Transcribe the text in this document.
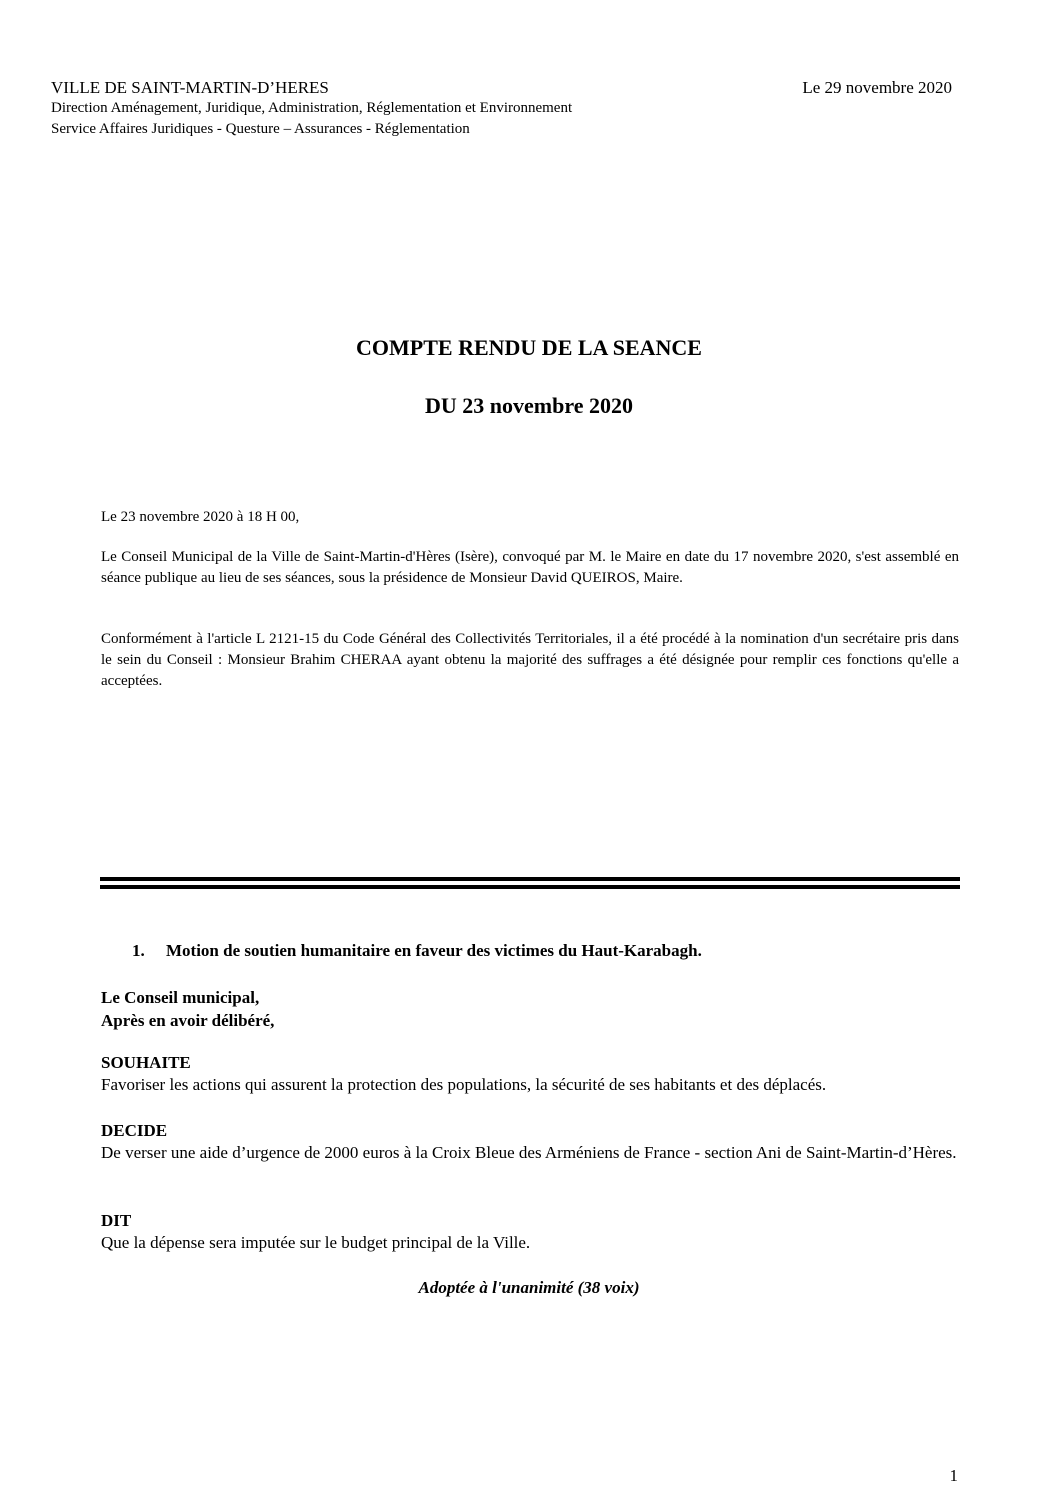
VILLE DE SAINT-MARTIN-D’HERES
Direction Aménagement, Juridique, Administration, Réglementation et Environnement
Service Affaires Juridiques - Questure – Assurances - Réglementation
Le 29 novembre 2020
COMPTE RENDU DE LA SEANCE
DU 23 novembre 2020
Le 23 novembre 2020 à 18 H 00,
Le Conseil Municipal de la Ville de Saint-Martin-d'Hères (Isère), convoqué par M. le Maire en date du 17 novembre 2020, s'est assemblé en séance publique au lieu de ses séances, sous la présidence de Monsieur David QUEIROS, Maire.
Conformément à l'article L 2121-15 du Code Général des Collectivités Territoriales, il a été procédé à la nomination d'un secrétaire pris dans le sein du Conseil : Monsieur Brahim CHERAA ayant obtenu la majorité des suffrages a été désignée pour remplir ces fonctions qu'elle a acceptées.
1. Motion de soutien humanitaire en faveur des victimes du Haut-Karabagh.
Le Conseil municipal,
Après en avoir délibéré,
SOUHAITE
Favoriser les actions qui assurent la protection des populations, la sécurité de ses habitants et des déplacés.
DECIDE
De verser une aide d’urgence de 2000 euros à la Croix Bleue des Arméniens de France - section Ani de Saint-Martin-d’Hères.
DIT
Que la dépense sera imputée sur le budget principal de la Ville.
Adoptée à l'unanimité (38 voix)
1
